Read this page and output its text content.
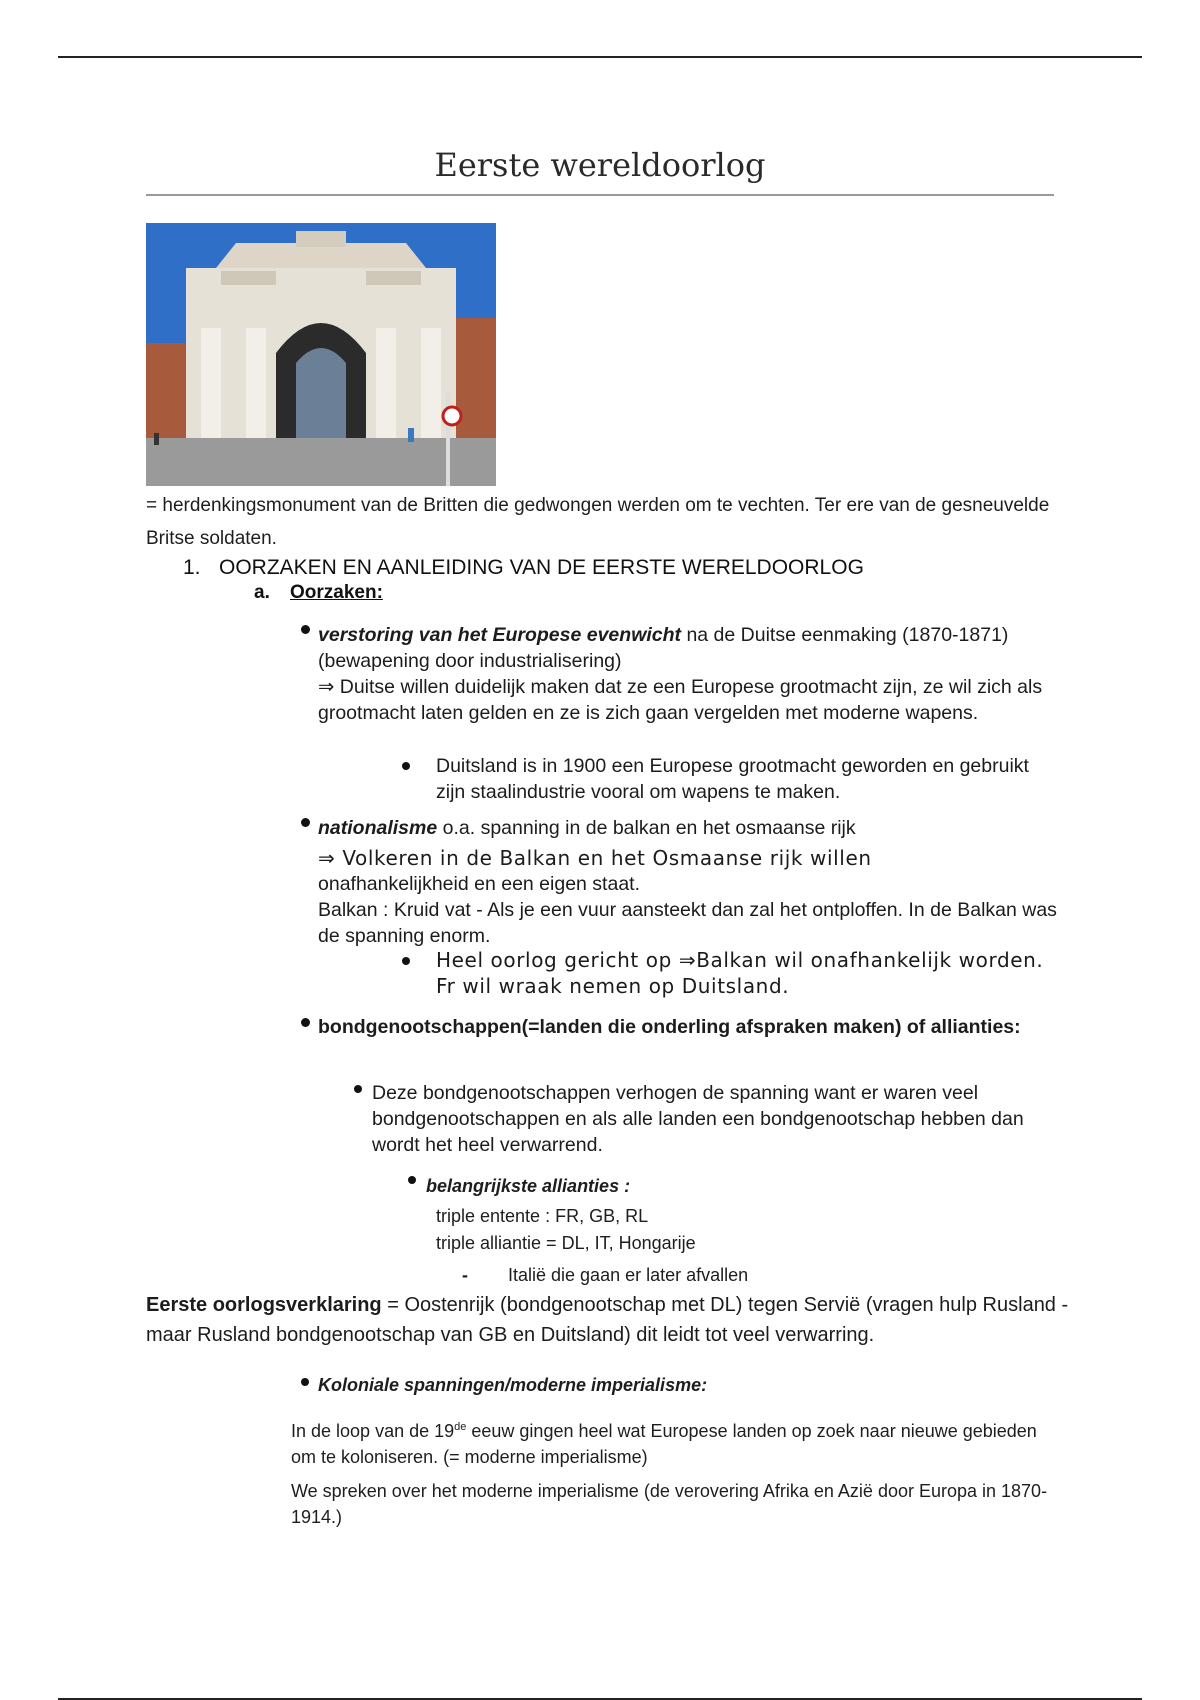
Eerste wereldoorlog
= herdenkingsmonument van de Britten die gedwongen werden om te vechten. Ter ere van de gesneuvelde Britse soldaten.
1. OORZAKEN EN AANLEIDING VAN DE EERSTE WERELDOORLOG
a. Oorzaken:
verstoring van het Europese evenwicht na de Duitse eenmaking (1870-1871) (bewapening door industrialisering)
⇒ Duitse willen duidelijk maken dat ze een Europese grootmacht zijn, ze wil zich als grootmacht laten gelden en ze is zich gaan vergelden met moderne wapens.
Duitsland is in 1900 een Europese grootmacht geworden en gebruikt zijn staalindustrie vooral om wapens te maken.
nationalisme o.a. spanning in de balkan en het osmaanse rijk
⇒ Volkeren in de Balkan en het Osmaanse rijk willen
onafhankelijkheid en een eigen staat.
Balkan : Kruid vat - Als je een vuur aansteekt dan zal het ontploffen. In de Balkan was de spanning enorm.
Heel oorlog gericht op ⇒Balkan wil onafhankelijk worden. Fr wil wraak nemen op Duitsland.
bondgenootschappen(=landen die onderling afspraken maken) of allianties:
Deze bondgenootschappen verhogen de spanning want er waren veel bondgenootschappen en als alle landen een bondgenootschap hebben dan wordt het heel verwarrend.
belangrijkste allianties :
triple entente : FR, GB, RL
triple alliantie = DL, IT, Hongarije
- Italië die gaan er later afvallen
Eerste oorlogsverklaring = Oostenrijk (bondgenootschap met DL) tegen Servië (vragen hulp Rusland - maar Rusland bondgenootschap van GB en Duitsland) dit leidt tot veel verwarring.
Koloniale spanningen/moderne imperialisme:
In de loop van de 19de eeuw gingen heel wat Europese landen op zoek naar nieuwe gebieden om te koloniseren. (= moderne imperialisme)
We spreken over het moderne imperialisme (de verovering Afrika en Azië door Europa in 1870-1914.)
